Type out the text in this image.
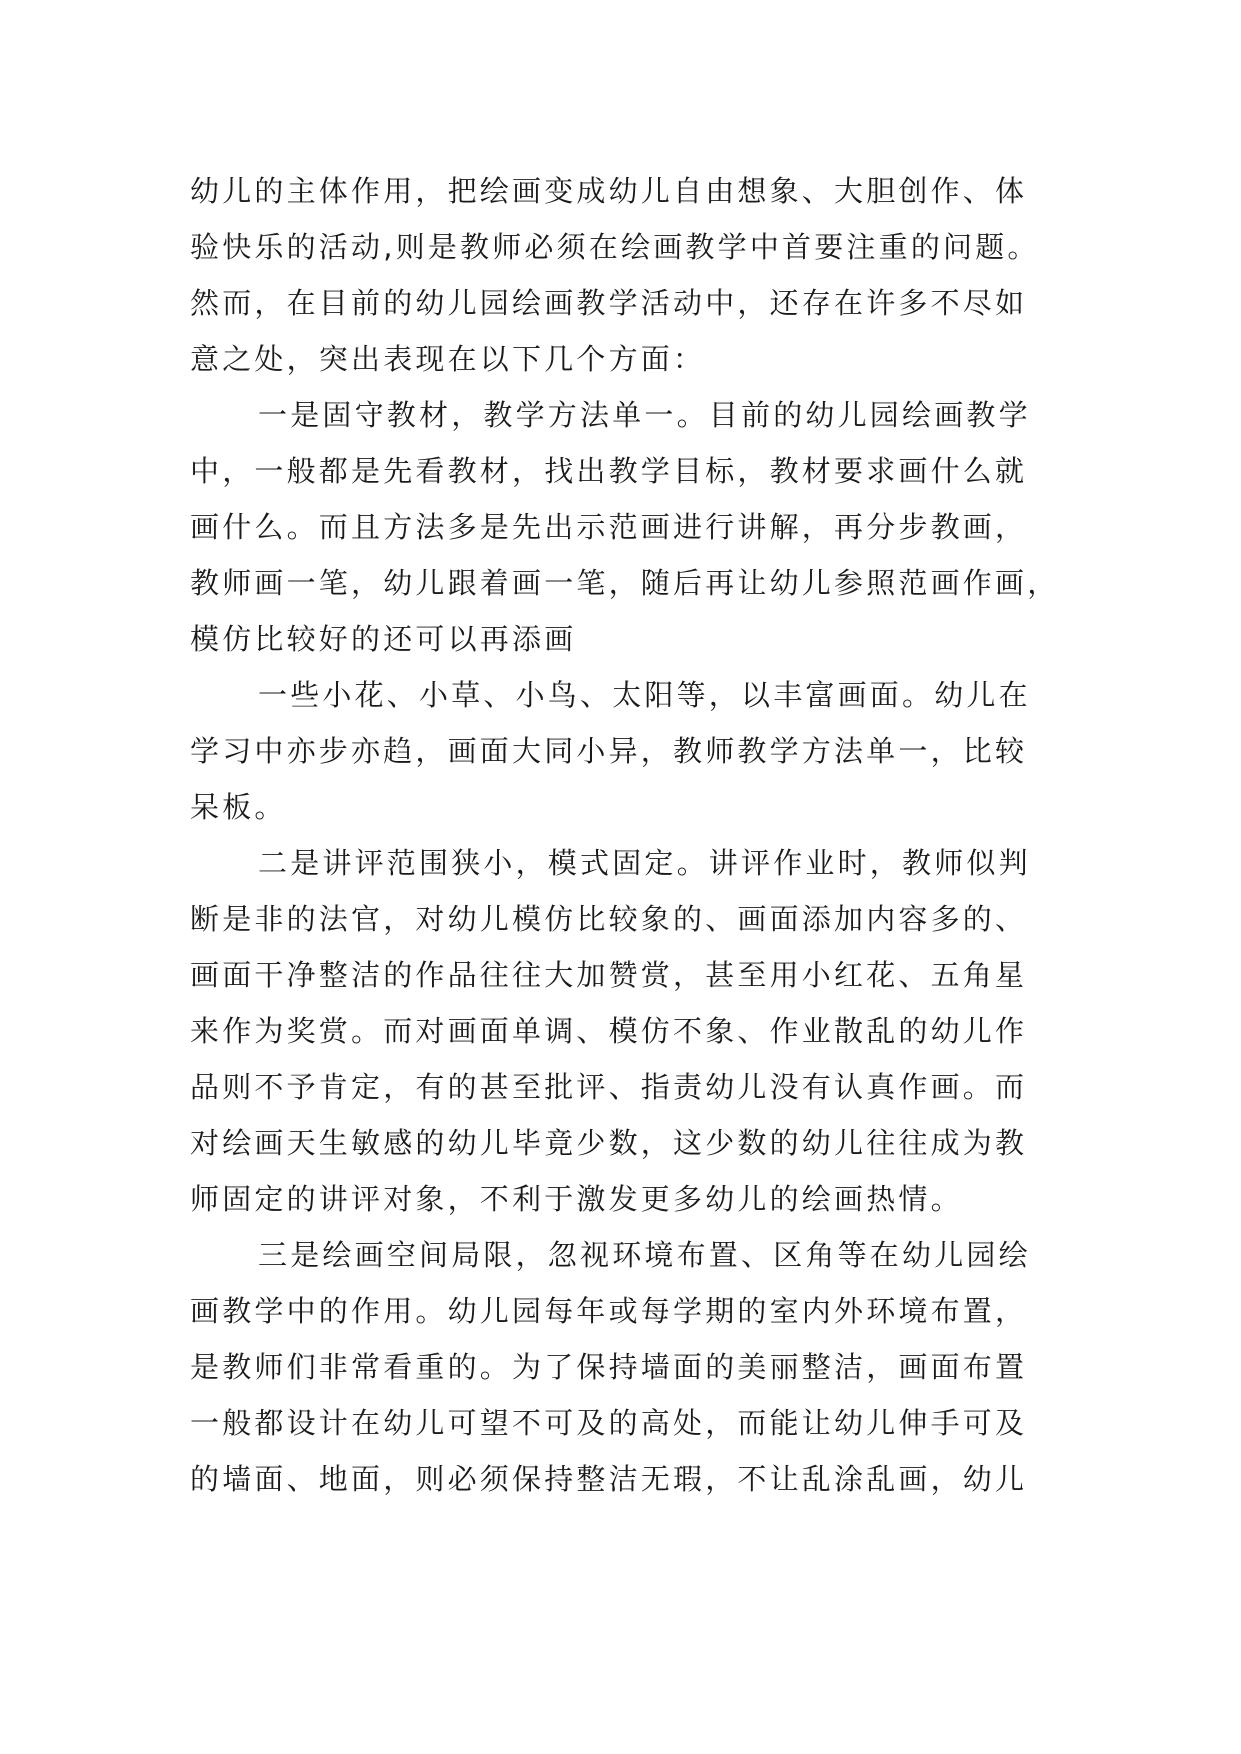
幼儿的主体作用，把绘画变成幼儿自由想象、大胆创作、体
验快乐的活动,则是教师必须在绘画教学中首要注重的问题。
然而，在目前的幼儿园绘画教学活动中，还存在许多不尽如
意之处，突出表现在以下几个方面：
一是固守教材，教学方法单一。目前的幼儿园绘画教学
中，一般都是先看教材，找出教学目标，教材要求画什么就
画什么。而且方法多是先出示范画进行讲解，再分步教画，
教师画一笔，幼儿跟着画一笔，随后再让幼儿参照范画作画，
模仿比较好的还可以再添画
一些小花、小草、小鸟、太阳等，以丰富画面。幼儿在
学习中亦步亦趋，画面大同小异，教师教学方法单一，比较
呆板。
二是讲评范围狭小，模式固定。讲评作业时，教师似判
断是非的法官，对幼儿模仿比较象的、画面添加内容多的、
画面干净整洁的作品往往大加赞赏，甚至用小红花、五角星
来作为奖赏。而对画面单调、模仿不象、作业散乱的幼儿作
品则不予肯定，有的甚至批评、指责幼儿没有认真作画。而
对绘画天生敏感的幼儿毕竟少数，这少数的幼儿往往成为教
师固定的讲评对象，不利于激发更多幼儿的绘画热情。
三是绘画空间局限，忽视环境布置、区角等在幼儿园绘
画教学中的作用。幼儿园每年或每学期的室内外环境布置，
是教师们非常看重的。为了保持墙面的美丽整洁，画面布置
一般都设计在幼儿可望不可及的高处，而能让幼儿伸手可及
的墙面、地面，则必须保持整洁无瑕，不让乱涂乱画，幼儿
